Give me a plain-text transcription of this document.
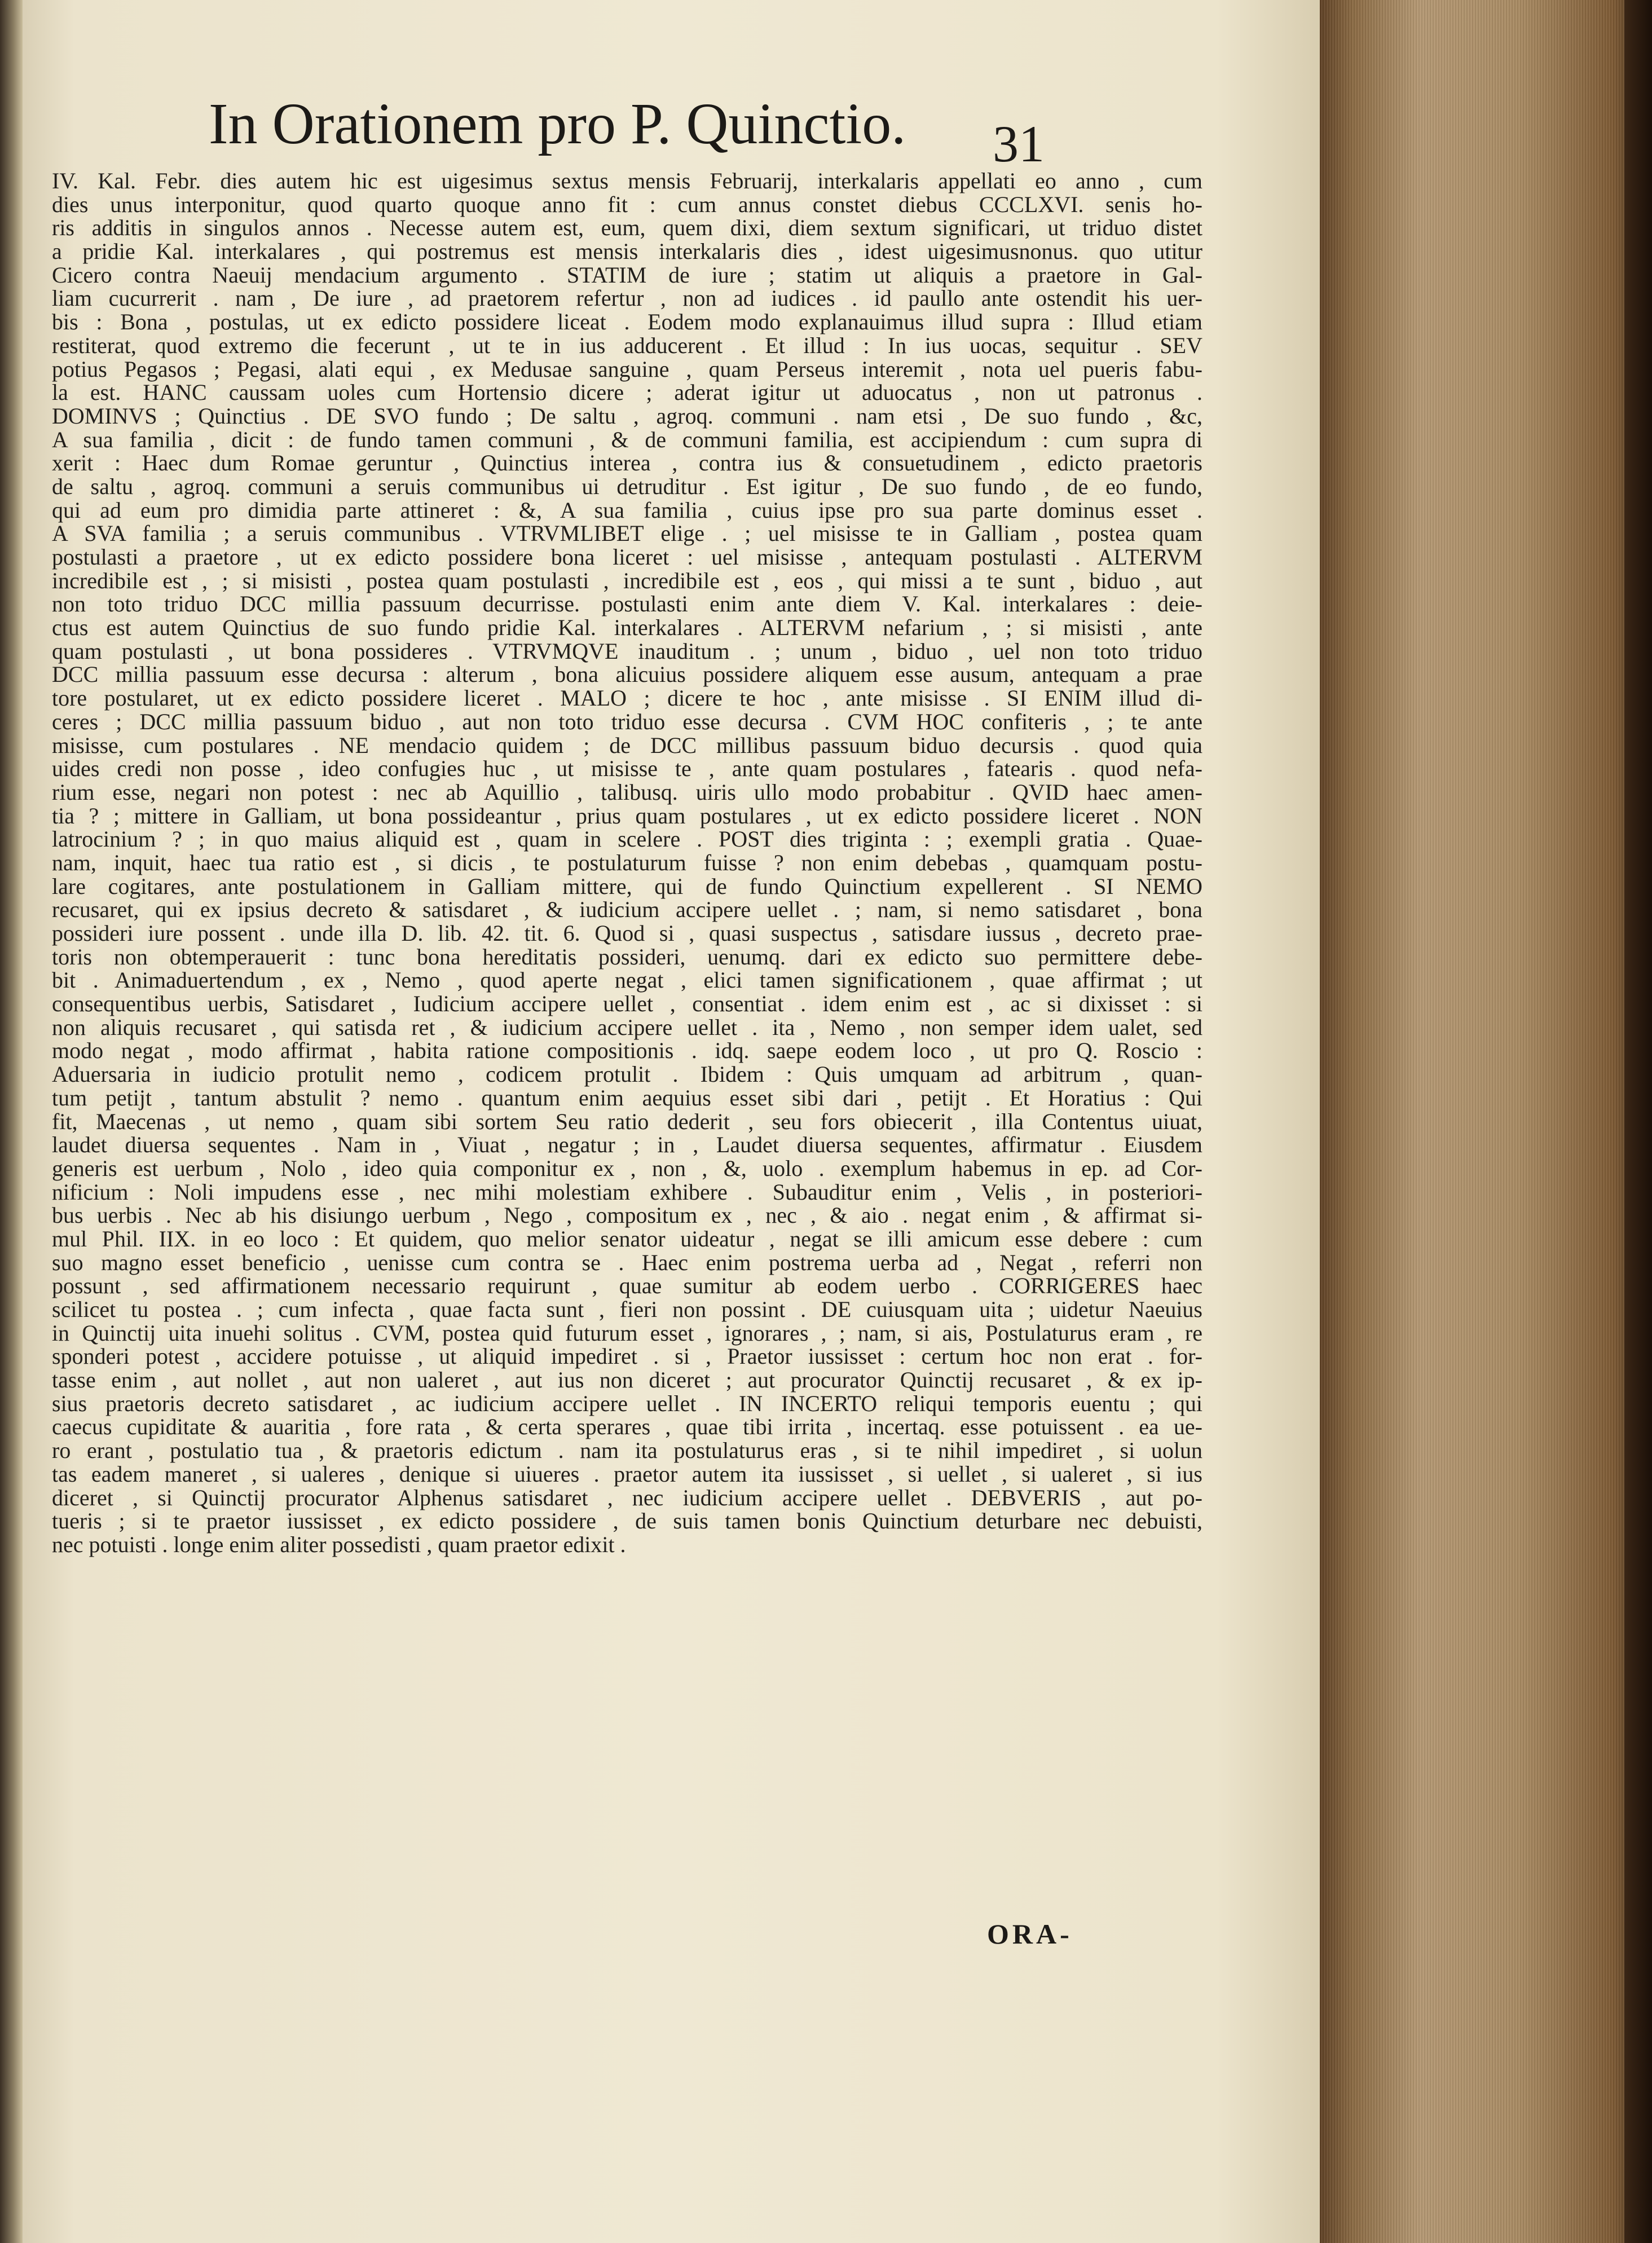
In Orationem pro P. Quinctio.	31
IV. Kal. Febr. dies autem hic est uigesimus sextus mensis Februarij, interkalaris appellati eo anno , cum
dies unus interponitur, quod quarto quoque anno fit : cum annus constet diebus CCCLXVI. senis ho-
ris additis in singulos annos . Necesse autem est, eum, quem dixi, diem sextum significari, ut triduo distet
a pridie Kal. interkalares , qui postremus est mensis interkalaris dies , idest uigesimusnonus. quo utitur
Cicero contra Naeuij mendacium argumento . STATIM de iure ; statim ut aliquis a praetore in Gal-
liam cucurrerit . nam , De iure , ad praetorem refertur , non ad iudices . id paullo ante ostendit his uer-
bis : Bona , postulas, ut ex edicto possidere liceat . Eodem modo explanauimus illud supra : Illud etiam
restiterat, quod extremo die fecerunt , ut te in ius adducerent . Et illud : In ius uocas, sequitur . SEV
potius Pegasos ; Pegasi, alati equi , ex Medusae sanguine , quam Perseus interemit , nota uel pueris fabu-
la est. HANC caussam uoles cum Hortensio dicere ; aderat igitur ut aduocatus , non ut patronus .
DOMINVS ; Quinctius . DE SVO fundo ; De saltu , agroq. communi . nam etsi , De suo fundo , &c,
A sua familia , dicit : de fundo tamen communi , & de communi familia, est accipiendum : cum supra di
xerit : Haec dum Romae geruntur , Quinctius interea , contra ius & consuetudinem , edicto praetoris
de saltu , agroq. communi a seruis communibus ui detruditur . Est igitur , De suo fundo , de eo fundo,
qui ad eum pro dimidia parte attineret : &, A sua familia , cuius ipse pro sua parte dominus esset .
A SVA familia ; a seruis communibus . VTRVMLIBET elige . ; uel misisse te in Galliam , postea quam
postulasti a praetore , ut ex edicto possidere bona liceret : uel misisse , antequam postulasti . ALTERVM
incredibile est , ; si misisti , postea quam postulasti , incredibile est , eos , qui missi a te sunt , biduo , aut
non toto triduo DCC millia passuum decurrisse. postulasti enim ante diem V. Kal. interkalares : deie-
ctus est autem Quinctius de suo fundo pridie Kal. interkalares . ALTERVM nefarium , ; si misisti , ante
quam postulasti , ut bona possideres . VTRVMQVE inauditum . ; unum , biduo , uel non toto triduo
DCC millia passuum esse decursa : alterum , bona alicuius possidere aliquem esse ausum, antequam a prae
tore postularet, ut ex edicto possidere liceret . MALO ; dicere te hoc , ante misisse . SI ENIM illud di-
ceres ; DCC millia passuum biduo , aut non toto triduo esse decursa . CVM HOC confiteris , ; te ante
misisse, cum postulares . NE mendacio quidem ; de DCC millibus passuum biduo decursis . quod quia
uides credi non posse , ideo confugies huc , ut misisse te , ante quam postulares , fatearis . quod nefa-
rium esse, negari non potest : nec ab Aquillio , talibusq. uiris ullo modo probabitur . QVID haec amen-
tia ? ; mittere in Galliam, ut bona possideantur , prius quam postulares , ut ex edicto possidere liceret . NON
latrocinium ? ; in quo maius aliquid est , quam in scelere . POST dies triginta : ; exempli gratia . Quae-
nam, inquit, haec tua ratio est , si dicis , te postulaturum fuisse ? non enim debebas , quamquam postu-
lare cogitares, ante postulationem in Galliam mittere, qui de fundo Quinctium expellerent . SI NEMO
recusaret, qui ex ipsius decreto & satisdaret , & iudicium accipere uellet . ; nam, si nemo satisdaret , bona
possideri iure possent . unde illa D. lib. 42. tit. 6. Quod si , quasi suspectus , satisdare iussus , decreto prae-
toris non obtemperauerit : tunc bona hereditatis possideri, uenumq. dari ex edicto suo permittere debe-
bit . Animaduertendum , ex , Nemo , quod aperte negat , elici tamen significationem , quae affirmat ; ut
consequentibus uerbis, Satisdaret , Iudicium accipere uellet , consentiat . idem enim est , ac si dixisset : si
non aliquis recusaret , qui satisda ret , & iudicium accipere uellet . ita , Nemo , non semper idem ualet, sed
modo negat , modo affirmat , habita ratione compositionis . idq. saepe eodem loco , ut pro Q. Roscio :
Aduersaria in iudicio protulit nemo , codicem protulit . Ibidem : Quis umquam ad arbitrum , quan-
tum petijt , tantum abstulit ? nemo . quantum enim aequius esset sibi dari , petijt . Et Horatius : Qui
fit, Maecenas , ut nemo , quam sibi sortem Seu ratio dederit , seu fors obiecerit , illa Contentus uiuat,
laudet diuersa sequentes . Nam in , Viuat , negatur ; in , Laudet diuersa sequentes, affirmatur . Eiusdem
generis est uerbum , Nolo , ideo quia componitur ex , non , &, uolo . exemplum habemus in ep. ad Cor-
nificium : Noli impudens esse , nec mihi molestiam exhibere . Subauditur enim , Velis , in posteriori-
bus uerbis . Nec ab his disiungo uerbum , Nego , compositum ex , nec , & aio . negat enim , & affirmat si-
mul Phil. IIX. in eo loco : Et quidem, quo melior senator uideatur , negat se illi amicum esse debere : cum
suo magno esset beneficio , uenisse cum contra se . Haec enim postrema uerba ad , Negat , referri non
possunt , sed affirmationem necessario requirunt , quae sumitur ab eodem uerbo . CORRIGERES haec
scilicet tu postea . ; cum infecta , quae facta sunt , fieri non possint . DE cuiusquam uita ; uidetur Naeuius
in Quinctij uita inuehi solitus . CVM, postea quid futurum esset , ignorares , ; nam, si ais, Postulaturus eram , re
sponderi potest , accidere potuisse , ut aliquid impediret . si , Praetor iussisset : certum hoc non erat . for-
tasse enim , aut nollet , aut non ualeret , aut ius non diceret ; aut procurator Quinctij recusaret , & ex ip-
sius praetoris decreto satisdaret , ac iudicium accipere uellet . IN INCERTO reliqui temporis euentu ; qui
caecus cupiditate & auaritia , fore rata , & certa sperares , quae tibi irrita , incertaq. esse potuissent . ea ue-
ro erant , postulatio tua , & praetoris edictum . nam ita postulaturus eras , si te nihil impediret , si uolun
tas eadem maneret , si ualeres , denique si uiueres . praetor autem ita iussisset , si uellet , si ualeret , si ius
diceret , si Quinctij procurator Alphenus satisdaret , nec iudicium accipere uellet . DEBVERIS , aut po-
tueris ; si te praetor iussisset , ex edicto possidere , de suis tamen bonis Quinctium deturbare nec debuisti,
nec potuisti . longe enim aliter possedisti , quam praetor edixit .
ORA-
